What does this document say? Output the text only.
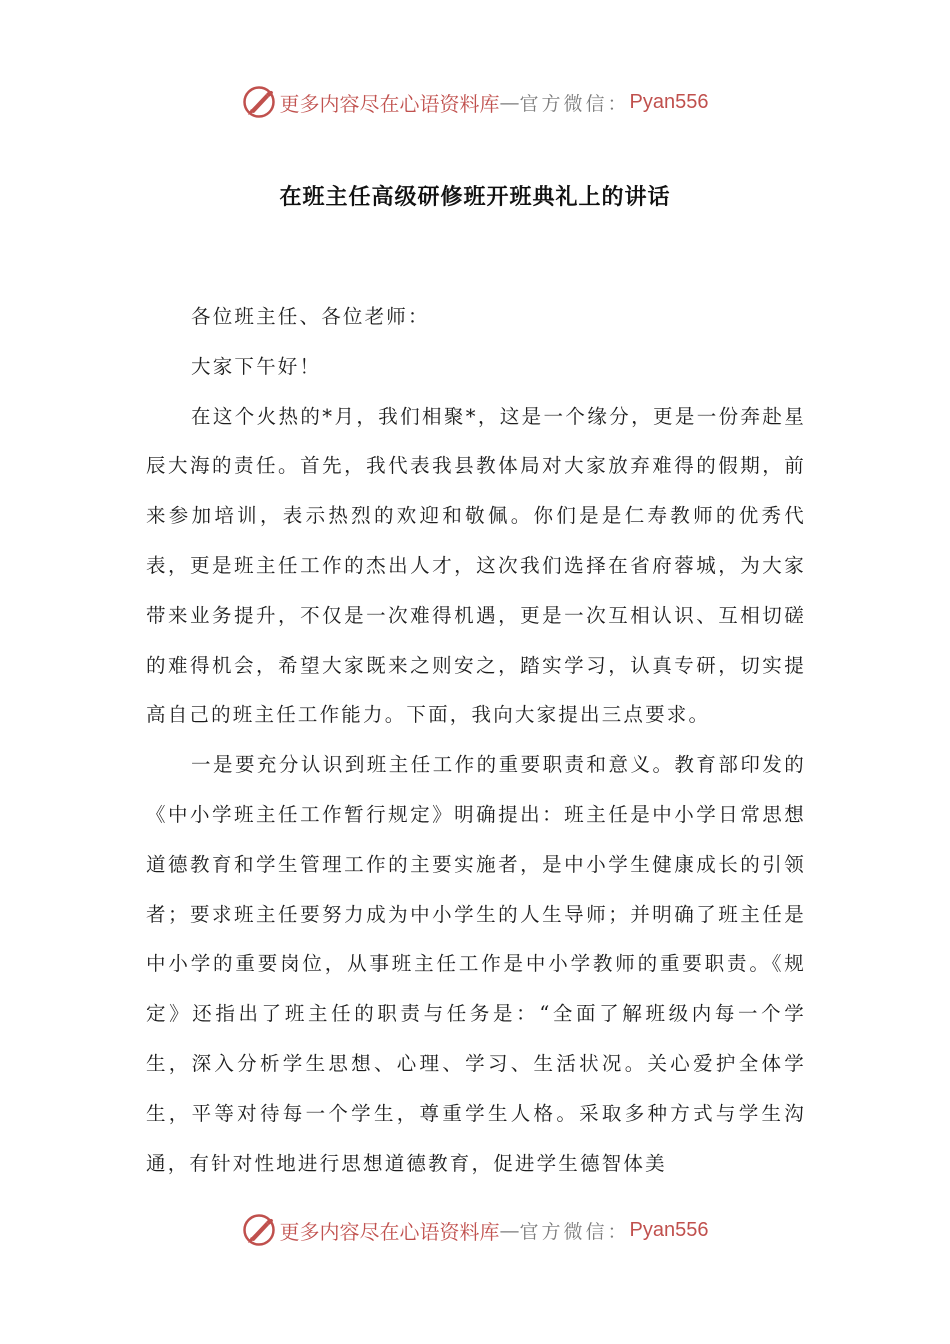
更多内容尽在心语资料库 — 官方微信： Pyan556
在班主任高级研修班开班典礼上的讲话

各位班主任、各位老师：

大家下午好！

在这个火热的*月，我们相聚*，这是一个缘分，更是一份奔赴星辰大海的责任。首先，我代表我县教体局对大家放弃难得的假期，前来参加培训，表示热烈的欢迎和敬佩。你们是是仁寿教师的优秀代表，更是班主任工作的杰出人才，这次我们选择在省府蓉城，为大家带来业务提升，不仅是一次难得机遇，更是一次互相认识、互相切磋的难得机会，希望大家既来之则安之，踏实学习，认真专研，切实提高自己的班主任工作能力。下面，我向大家提出三点要求。

一是要充分认识到班主任工作的重要职责和意义。教育部印发的《中小学班主任工作暂行规定》明确提出：班主任是中小学日常思想道德教育和学生管理工作的主要实施者，是中小学生健康成长的引领者；要求班主任要努力成为中小学生的人生导师；并明确了班主任是中小学的重要岗位，从事班主任工作是中小学教师的重要职责。《规定》还指出了班主任的职责与任务是：“全面了解班级内每一个学生，深入分析学生思想、心理、学习、生活状况。关心爱护全体学生，平等对待每一个学生，尊重学生人格。采取多种方式与学生沟通，有针对性地进行思想道德教育，促进学生德智体美

更多内容尽在心语资料库 — 官方微信： Pyan556
